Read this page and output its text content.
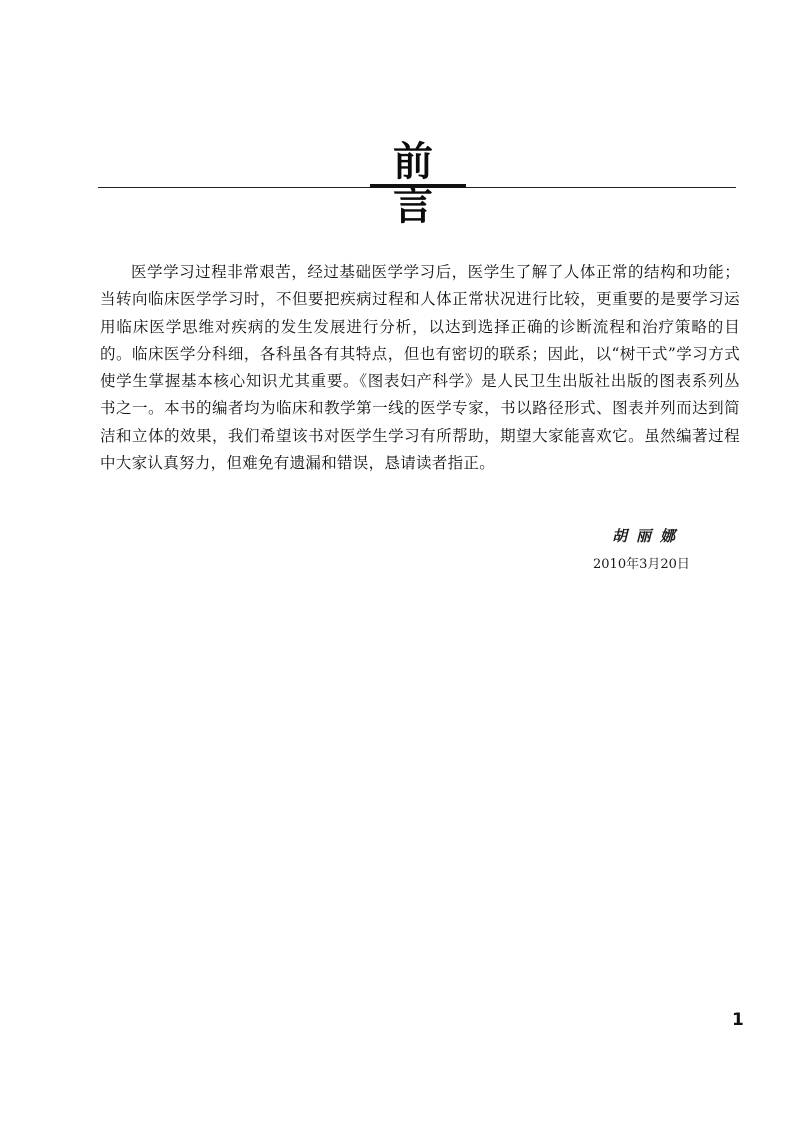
前言

医学学习过程非常艰苦，经过基础医学学习后，医学生了解了人体正常的结构和功能；当转向临床医学学习时，不但要把疾病过程和人体正常状况进行比较，更重要的是要学习运用临床医学思维对疾病的发生发展进行分析，以达到选择正确的诊断流程和治疗策略的目的。临床医学分科细，各科虽各有其特点，但也有密切的联系；因此，以“树干式”学习方式使学生掌握基本核心知识尤其重要。《图表妇产科学》是人民卫生出版社出版的图表系列丛书之一。本书的编者均为临床和教学第一线的医学专家，书以路径形式、图表并列而达到简洁和立体的效果，我们希望该书对医学生学习有所帮助，期望大家能喜欢它。虽然编著过程中大家认真努力，但难免有遗漏和错误，恳请读者指正。

胡丽娜
2010年3月20日
1
